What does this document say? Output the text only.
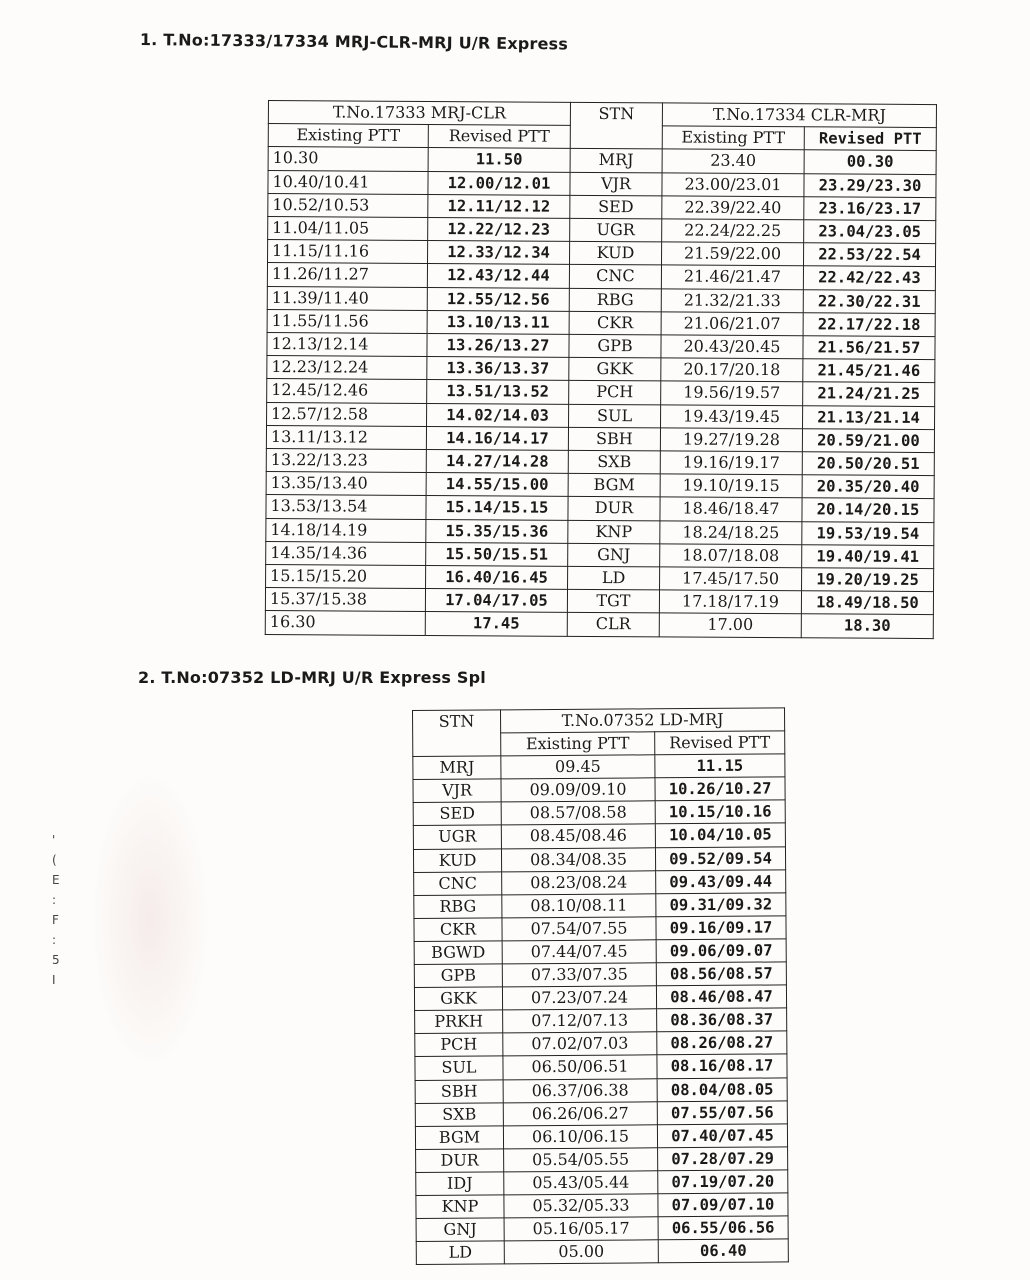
'
(
E
:
F
:
5
I
1. T.No:17333/17334 MRJ-CLR-MRJ U/R Express
T.No.17333 MRJ-CLR		STN	T.No.17334 CLR-MRJ	
Existing PTT	Revised PTT		Existing PTT	Revised PTT
10.30	11.50	MRJ	23.40	00.30
10.40/10.41	12.00/12.01	VJR	23.00/23.01	23.29/23.30
10.52/10.53	12.11/12.12	SED	22.39/22.40	23.16/23.17
11.04/11.05	12.22/12.23	UGR	22.24/22.25	23.04/23.05
11.15/11.16	12.33/12.34	KUD	21.59/22.00	22.53/22.54
11.26/11.27	12.43/12.44	CNC	21.46/21.47	22.42/22.43
11.39/11.40	12.55/12.56	RBG	21.32/21.33	22.30/22.31
11.55/11.56	13.10/13.11	CKR	21.06/21.07	22.17/22.18
12.13/12.14	13.26/13.27	GPB	20.43/20.45	21.56/21.57
12.23/12.24	13.36/13.37	GKK	20.17/20.18	21.45/21.46
12.45/12.46	13.51/13.52	PCH	19.56/19.57	21.24/21.25
12.57/12.58	14.02/14.03	SUL	19.43/19.45	21.13/21.14
13.11/13.12	14.16/14.17	SBH	19.27/19.28	20.59/21.00
13.22/13.23	14.27/14.28	SXB	19.16/19.17	20.50/20.51
13.35/13.40	14.55/15.00	BGM	19.10/19.15	20.35/20.40
13.53/13.54	15.14/15.15	DUR	18.46/18.47	20.14/20.15
14.18/14.19	15.35/15.36	KNP	18.24/18.25	19.53/19.54
14.35/14.36	15.50/15.51	GNJ	18.07/18.08	19.40/19.41
15.15/15.20	16.40/16.45	LD	17.45/17.50	19.20/19.25
15.37/15.38	17.04/17.05	TGT	17.18/17.19	18.49/18.50
16.30	17.45	CLR	17.00	18.30
2. T.No:07352 LD-MRJ U/R Express Spl
STN	T.No.07352 LD-MRJ	
	Existing PTT	Revised PTT
MRJ	09.45	11.15
VJR	09.09/09.10	10.26/10.27
SED	08.57/08.58	10.15/10.16
UGR	08.45/08.46	10.04/10.05
KUD	08.34/08.35	09.52/09.54
CNC	08.23/08.24	09.43/09.44
RBG	08.10/08.11	09.31/09.32
CKR	07.54/07.55	09.16/09.17
BGWD	07.44/07.45	09.06/09.07
GPB	07.33/07.35	08.56/08.57
GKK	07.23/07.24	08.46/08.47
PRKH	07.12/07.13	08.36/08.37
PCH	07.02/07.03	08.26/08.27
SUL	06.50/06.51	08.16/08.17
SBH	06.37/06.38	08.04/08.05
SXB	06.26/06.27	07.55/07.56
BGM	06.10/06.15	07.40/07.45
DUR	05.54/05.55	07.28/07.29
IDJ	05.43/05.44	07.19/07.20
KNP	05.32/05.33	07.09/07.10
GNJ	05.16/05.17	06.55/06.56
LD	05.00	06.40
